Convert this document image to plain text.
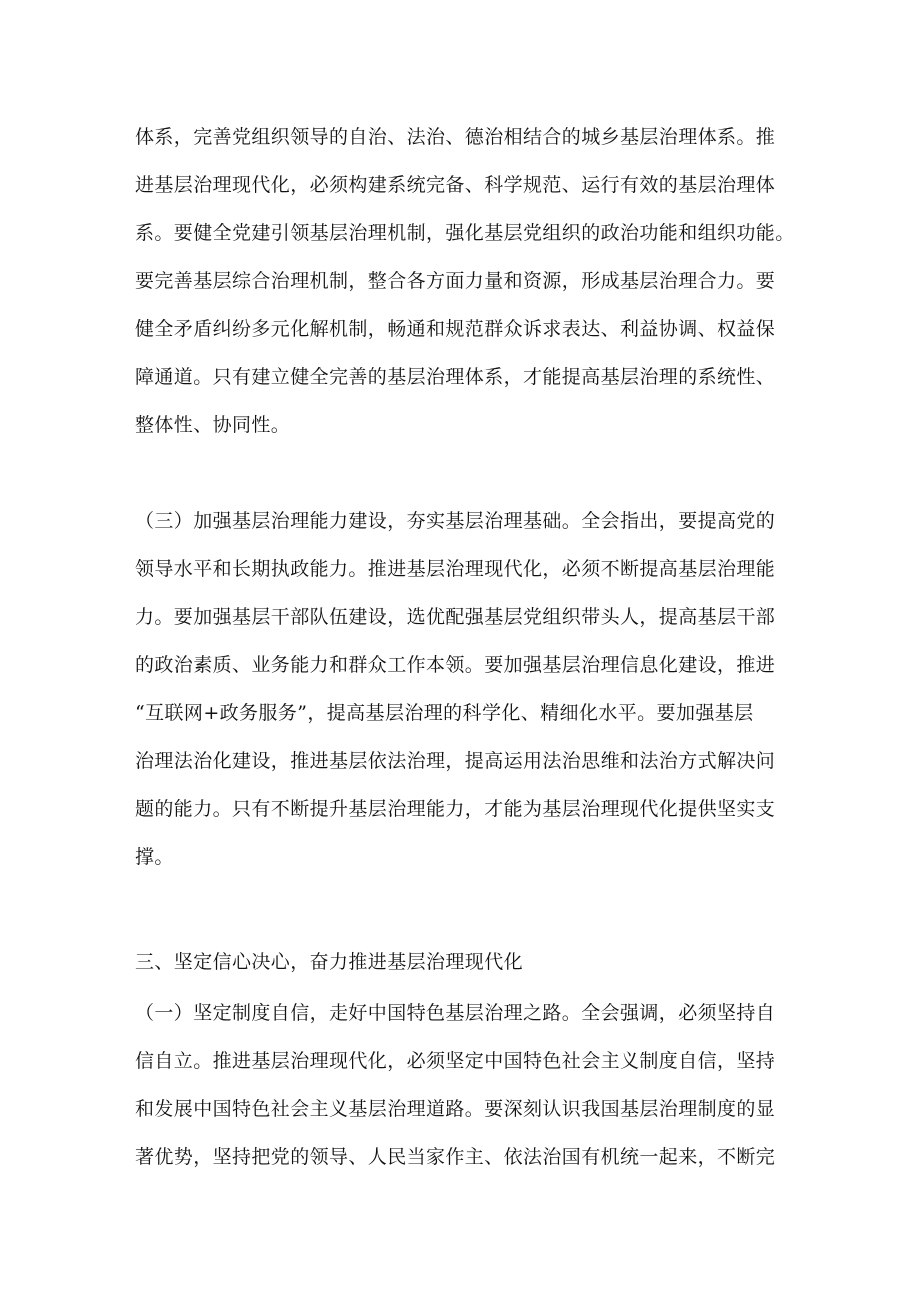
体系，完善党组织领导的自治、法治、德治相结合的城乡基层治理体系。推
进基层治理现代化，必须构建系统完备、科学规范、运行有效的基层治理体
系。要健全党建引领基层治理机制，强化基层党组织的政治功能和组织功能。
要完善基层综合治理机制，整合各方面力量和资源，形成基层治理合力。要
健全矛盾纠纷多元化解机制，畅通和规范群众诉求表达、利益协调、权益保
障通道。只有建立健全完善的基层治理体系，才能提高基层治理的系统性、
整体性、协同性。
（三）加强基层治理能力建设，夯实基层治理基础。全会指出，要提高党的
领导水平和长期执政能力。推进基层治理现代化，必须不断提高基层治理能
力。要加强基层干部队伍建设，选优配强基层党组织带头人，提高基层干部
的政治素质、业务能力和群众工作本领。要加强基层治理信息化建设，推进
“互联网+政务服务”，提高基层治理的科学化、精细化水平。要加强基层
治理法治化建设，推进基层依法治理，提高运用法治思维和法治方式解决问
题的能力。只有不断提升基层治理能力，才能为基层治理现代化提供坚实支
撑。
三、坚定信心决心，奋力推进基层治理现代化
（一）坚定制度自信，走好中国特色基层治理之路。全会强调，必须坚持自
信自立。推进基层治理现代化，必须坚定中国特色社会主义制度自信，坚持
和发展中国特色社会主义基层治理道路。要深刻认识我国基层治理制度的显
著优势，坚持把党的领导、人民当家作主、依法治国有机统一起来，不断完
